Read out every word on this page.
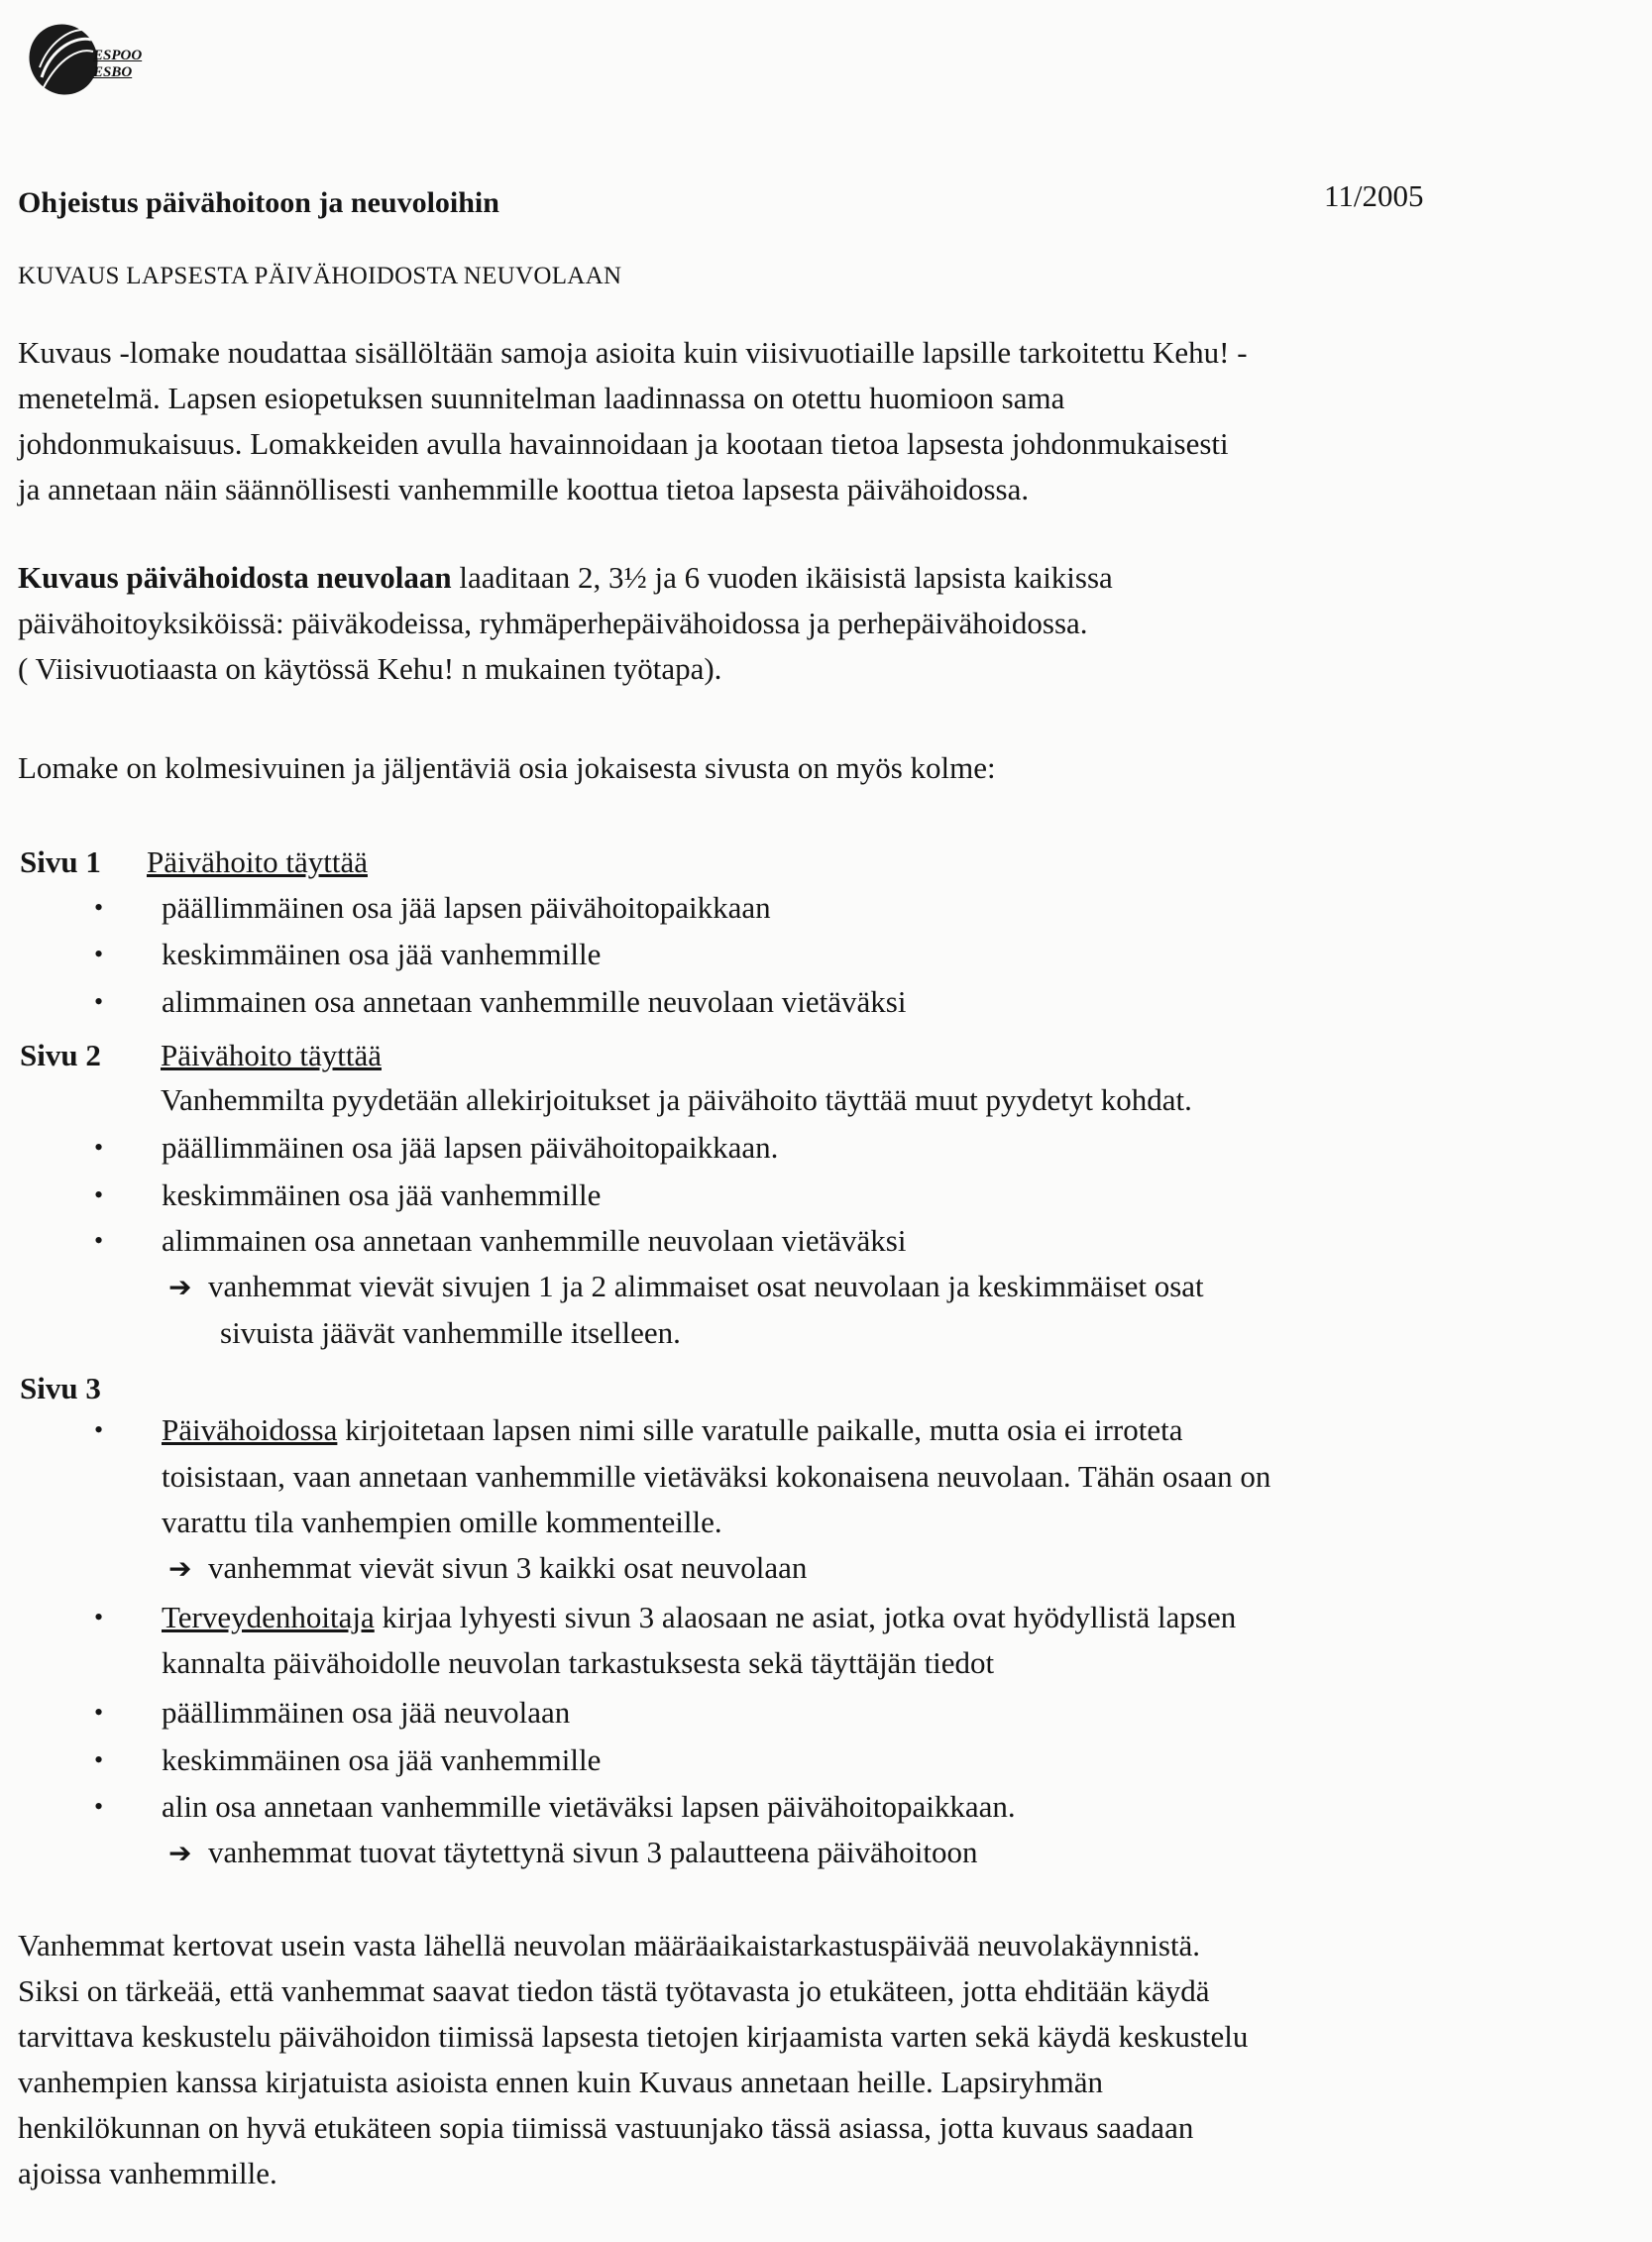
ESPOO
ESBO
Ohjeistus päivähoitoon ja neuvoloihin	11/2005
KUVAUS LAPSESTA PÄIVÄHOIDOSTA NEUVOLAAN
Kuvaus -lomake noudattaa sisällöltään samoja asioita kuin viisivuotiaille lapsille tarkoitettu Kehu! -
menetelmä. Lapsen esiopetuksen suunnitelman laadinnassa on otettu huomioon sama
johdonmukaisuus. Lomakkeiden avulla havainnoidaan ja kootaan tietoa lapsesta johdonmukaisesti
ja annetaan näin säännöllisesti vanhemmille koottua tietoa lapsesta päivähoidossa.
Kuvaus päivähoidosta neuvolaan laaditaan 2, 3½ ja 6 vuoden ikäisistä lapsista kaikissa
päivähoitoyksiköissä: päiväkodeissa, ryhmäperhepäivähoidossa ja perhepäivähoidossa.
( Viisivuotiaasta on käytössä Kehu! n mukainen työtapa).
Lomake on kolmesivuinen ja jäljentäviä osia jokaisesta sivusta on myös kolme:
Sivu 1 Päivähoito täyttää
• päällimmäinen osa jää lapsen päivähoitopaikkaan
• keskimmäinen osa jää vanhemmille
• alimmainen osa annetaan vanhemmille neuvolaan vietäväksi
Sivu 2 Päivähoito täyttää
Vanhemmilta pyydetään allekirjoitukset ja päivähoito täyttää muut pyydetyt kohdat.
• päällimmäinen osa jää lapsen päivähoitopaikkaan.
• keskimmäinen osa jää vanhemmille
• alimmainen osa annetaan vanhemmille neuvolaan vietäväksi
➔ vanhemmat vievät sivujen 1 ja 2 alimmaiset osat neuvolaan ja keskimmäiset osat
sivuista jäävät vanhemmille itselleen.
Sivu 3
• Päivähoidossa kirjoitetaan lapsen nimi sille varatulle paikalle, mutta osia ei irroteta
toisistaan, vaan annetaan vanhemmille vietäväksi kokonaisena neuvolaan. Tähän osaan on
varattu tila vanhempien omille kommenteille.
➔ vanhemmat vievät sivun 3 kaikki osat neuvolaan
• Terveydenhoitaja kirjaa lyhyesti sivun 3 alaosaan ne asiat, jotka ovat hyödyllistä lapsen
kannalta päivähoidolle neuvolan tarkastuksesta sekä täyttäjän tiedot
• päällimmäinen osa jää neuvolaan
• keskimmäinen osa jää vanhemmille
• alin osa annetaan vanhemmille vietäväksi lapsen päivähoitopaikkaan.
➔ vanhemmat tuovat täytettynä sivun 3 palautteena päivähoitoon
Vanhemmat kertovat usein vasta lähellä neuvolan määräaikaistarkastuspäivää neuvolakäynnistä.
Siksi on tärkeää, että vanhemmat saavat tiedon tästä työtavasta jo etukäteen, jotta ehditään käydä
tarvittava keskustelu päivähoidon tiimissä lapsesta tietojen kirjaamista varten sekä käydä keskustelu
vanhempien kanssa kirjatuista asioista ennen kuin Kuvaus annetaan heille. Lapsiryhmän
henkilökunnan on hyvä etukäteen sopia tiimissä vastuunjako tässä asiassa, jotta kuvaus saadaan
ajoissa vanhemmille.
